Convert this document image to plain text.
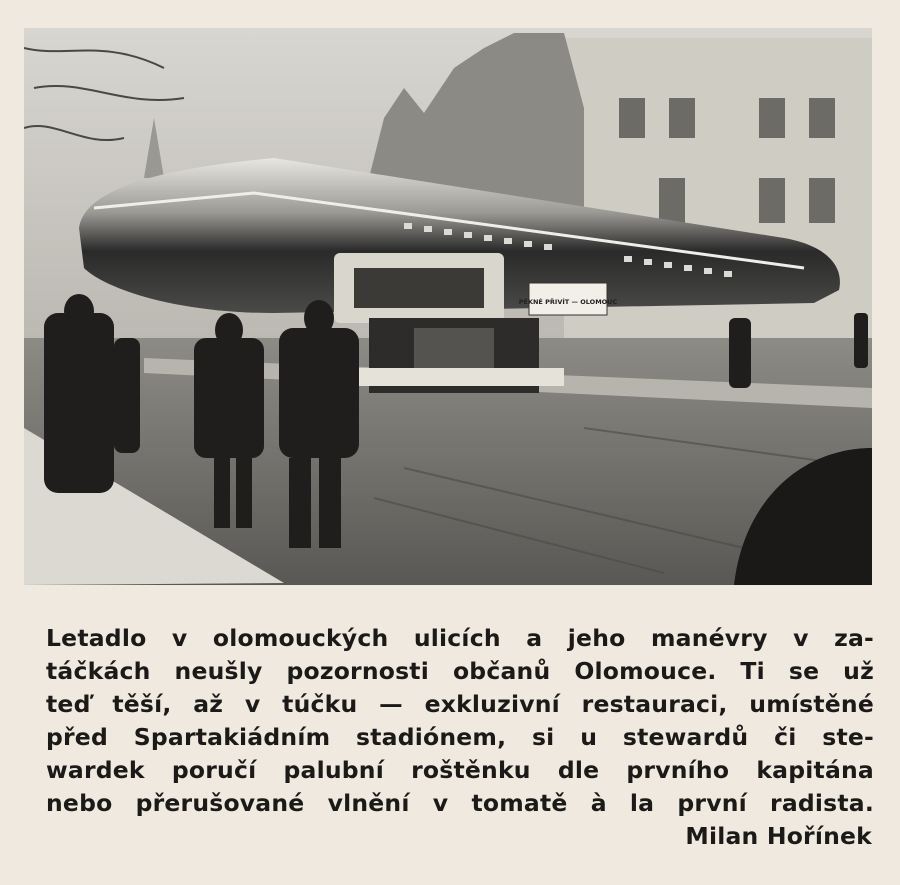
PÉKNÉ PŘIVÍT — OLOMOUC
Letadlo v olomouckých ulicích a jeho manévry v za-
táčkách neušly pozornosti občanů Olomouce. Ti se už
teď těší, až v túčku — exkluzivní restauraci, umístěné
před Spartakiádním stadiónem, si u stewardů či ste-
wardek poručí palubní roštěnku dle prvního kapitána
nebo přerušované vlnění v tomatě à la první radista.
Milan Hořínek
